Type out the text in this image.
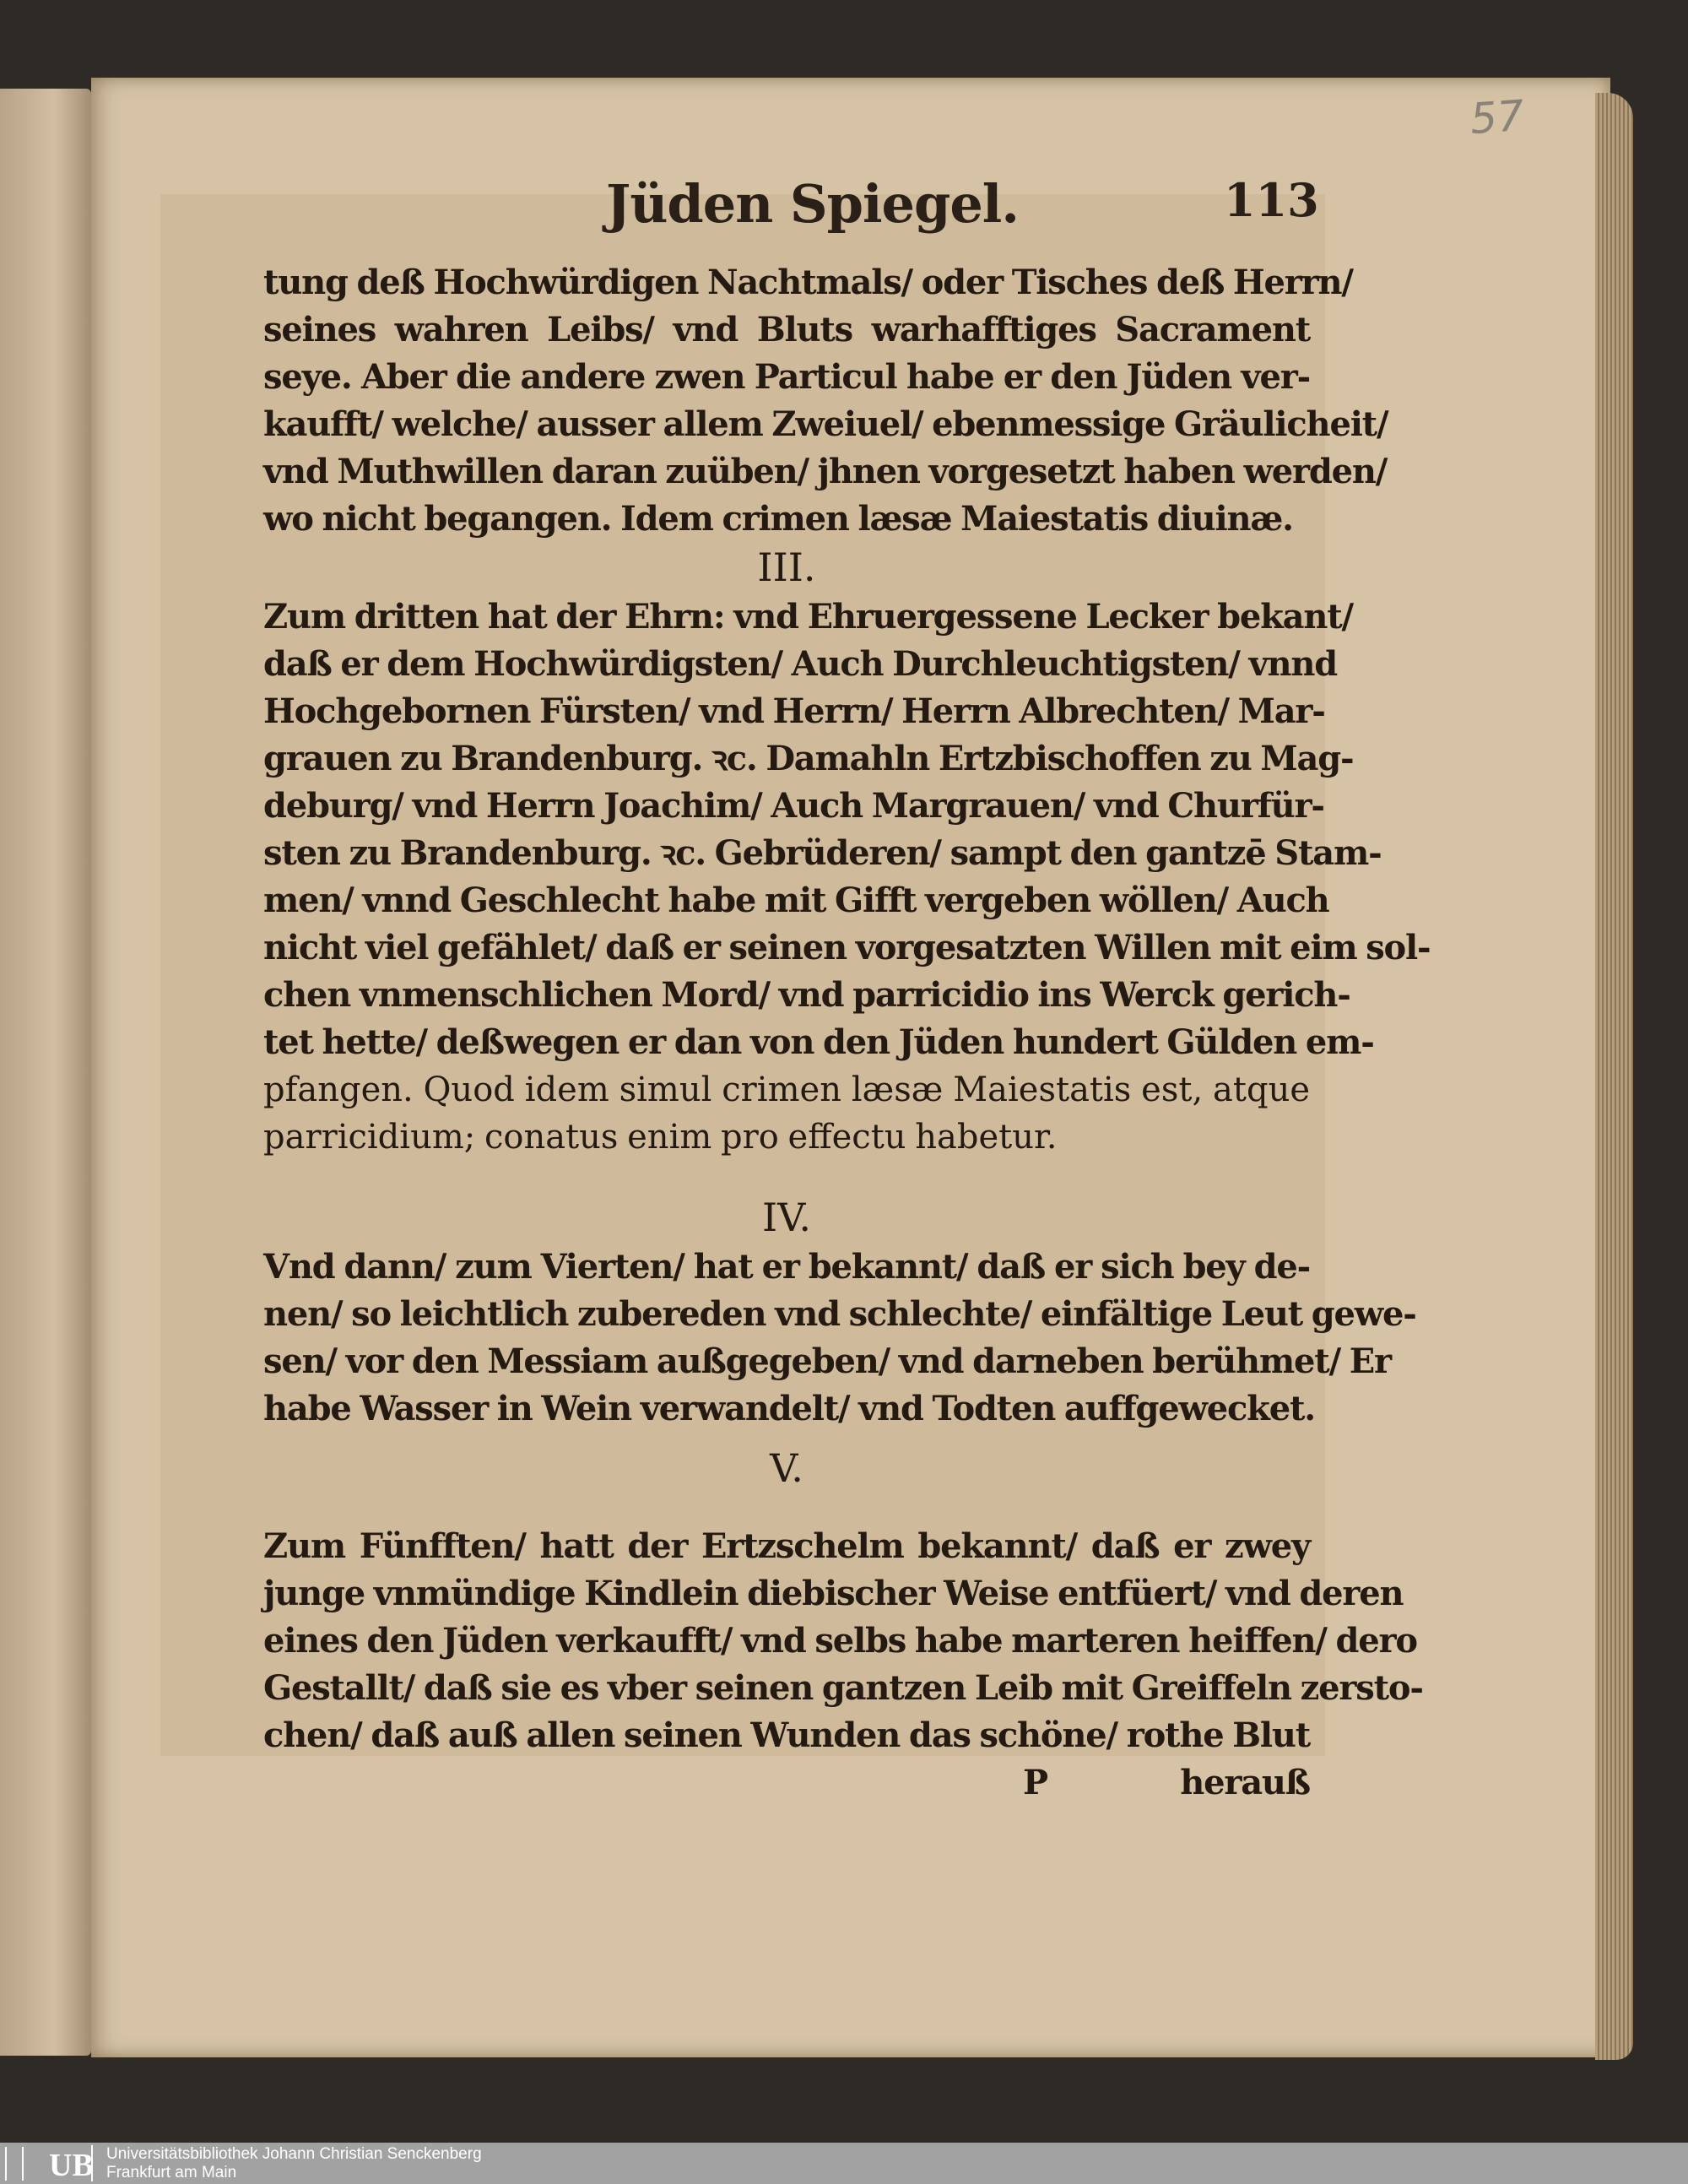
57
Jüden Spiegel.	113
tung deß Hochwürdigen Nachtmals/ oder Tisches deß Herrn/
seines wahren Leibs/ vnd Bluts warhafftiges Sacrament
seye. Aber die andere zwen Particul habe er den Jüden ver-
kaufft/ welche/ ausser allem Zweiuel/ ebenmessige Gräulicheit/
vnd Muthwillen daran zuüben/ jhnen vorgesetzt haben werden/
wo nicht begangen. Idem crimen læsæ Maiestatis diuinæ.
III.
Zum dritten hat der Ehrn: vnd Ehruergessene Lecker bekant/
daß er dem Hochwürdigsten/ Auch Durchleuchtigsten/ vnnd
Hochgebornen Fürsten/ vnd Herrn/ Herrn Albrechten/ Mar-
grauen zu Brandenburg. ꝛc. Damahln Ertzbischoffen zu Mag-
deburg/ vnd Herrn Joachim/ Auch Margrauen/ vnd Churfür-
sten zu Brandenburg. ꝛc. Gebrüderen/ sampt den gantzē Stam-
men/ vnnd Geschlecht habe mit Gifft vergeben wöllen/ Auch
nicht viel gefählet/ daß er seinen vorgesatzten Willen mit eim sol-
chen vnmenschlichen Mord/ vnd parricidio ins Werck gerich-
tet hette/ deßwegen er dan von den Jüden hundert Gülden em-
pfangen. Quod idem simul crimen læsæ Maiestatis est, atque
parricidium; conatus enim pro effectu habetur.
IV.
Vnd dann/ zum Vierten/ hat er bekannt/ daß er sich bey de-
nen/ so leichtlich zubereden vnd schlechte/ einfältige Leut gewe-
sen/ vor den Messiam außgegeben/ vnd darneben berühmet/ Er
habe Wasser in Wein verwandelt/ vnd Todten auffgewecket.
V.
Zum Fünfften/ hatt der Ertzschelm bekannt/ daß er zwey
junge vnmündige Kindlein diebischer Weise entfüert/ vnd deren
eines den Jüden verkaufft/ vnd selbs habe marteren heiffen/ dero
Gestallt/ daß sie es vber seinen gantzen Leib mit Greiffeln zersto-
chen/ daß auß allen seinen Wunden das schöne/ rothe Blut
P	herauß
UB Universitätsbibliothek Johann Christian Senckenberg
Frankfurt am Main
